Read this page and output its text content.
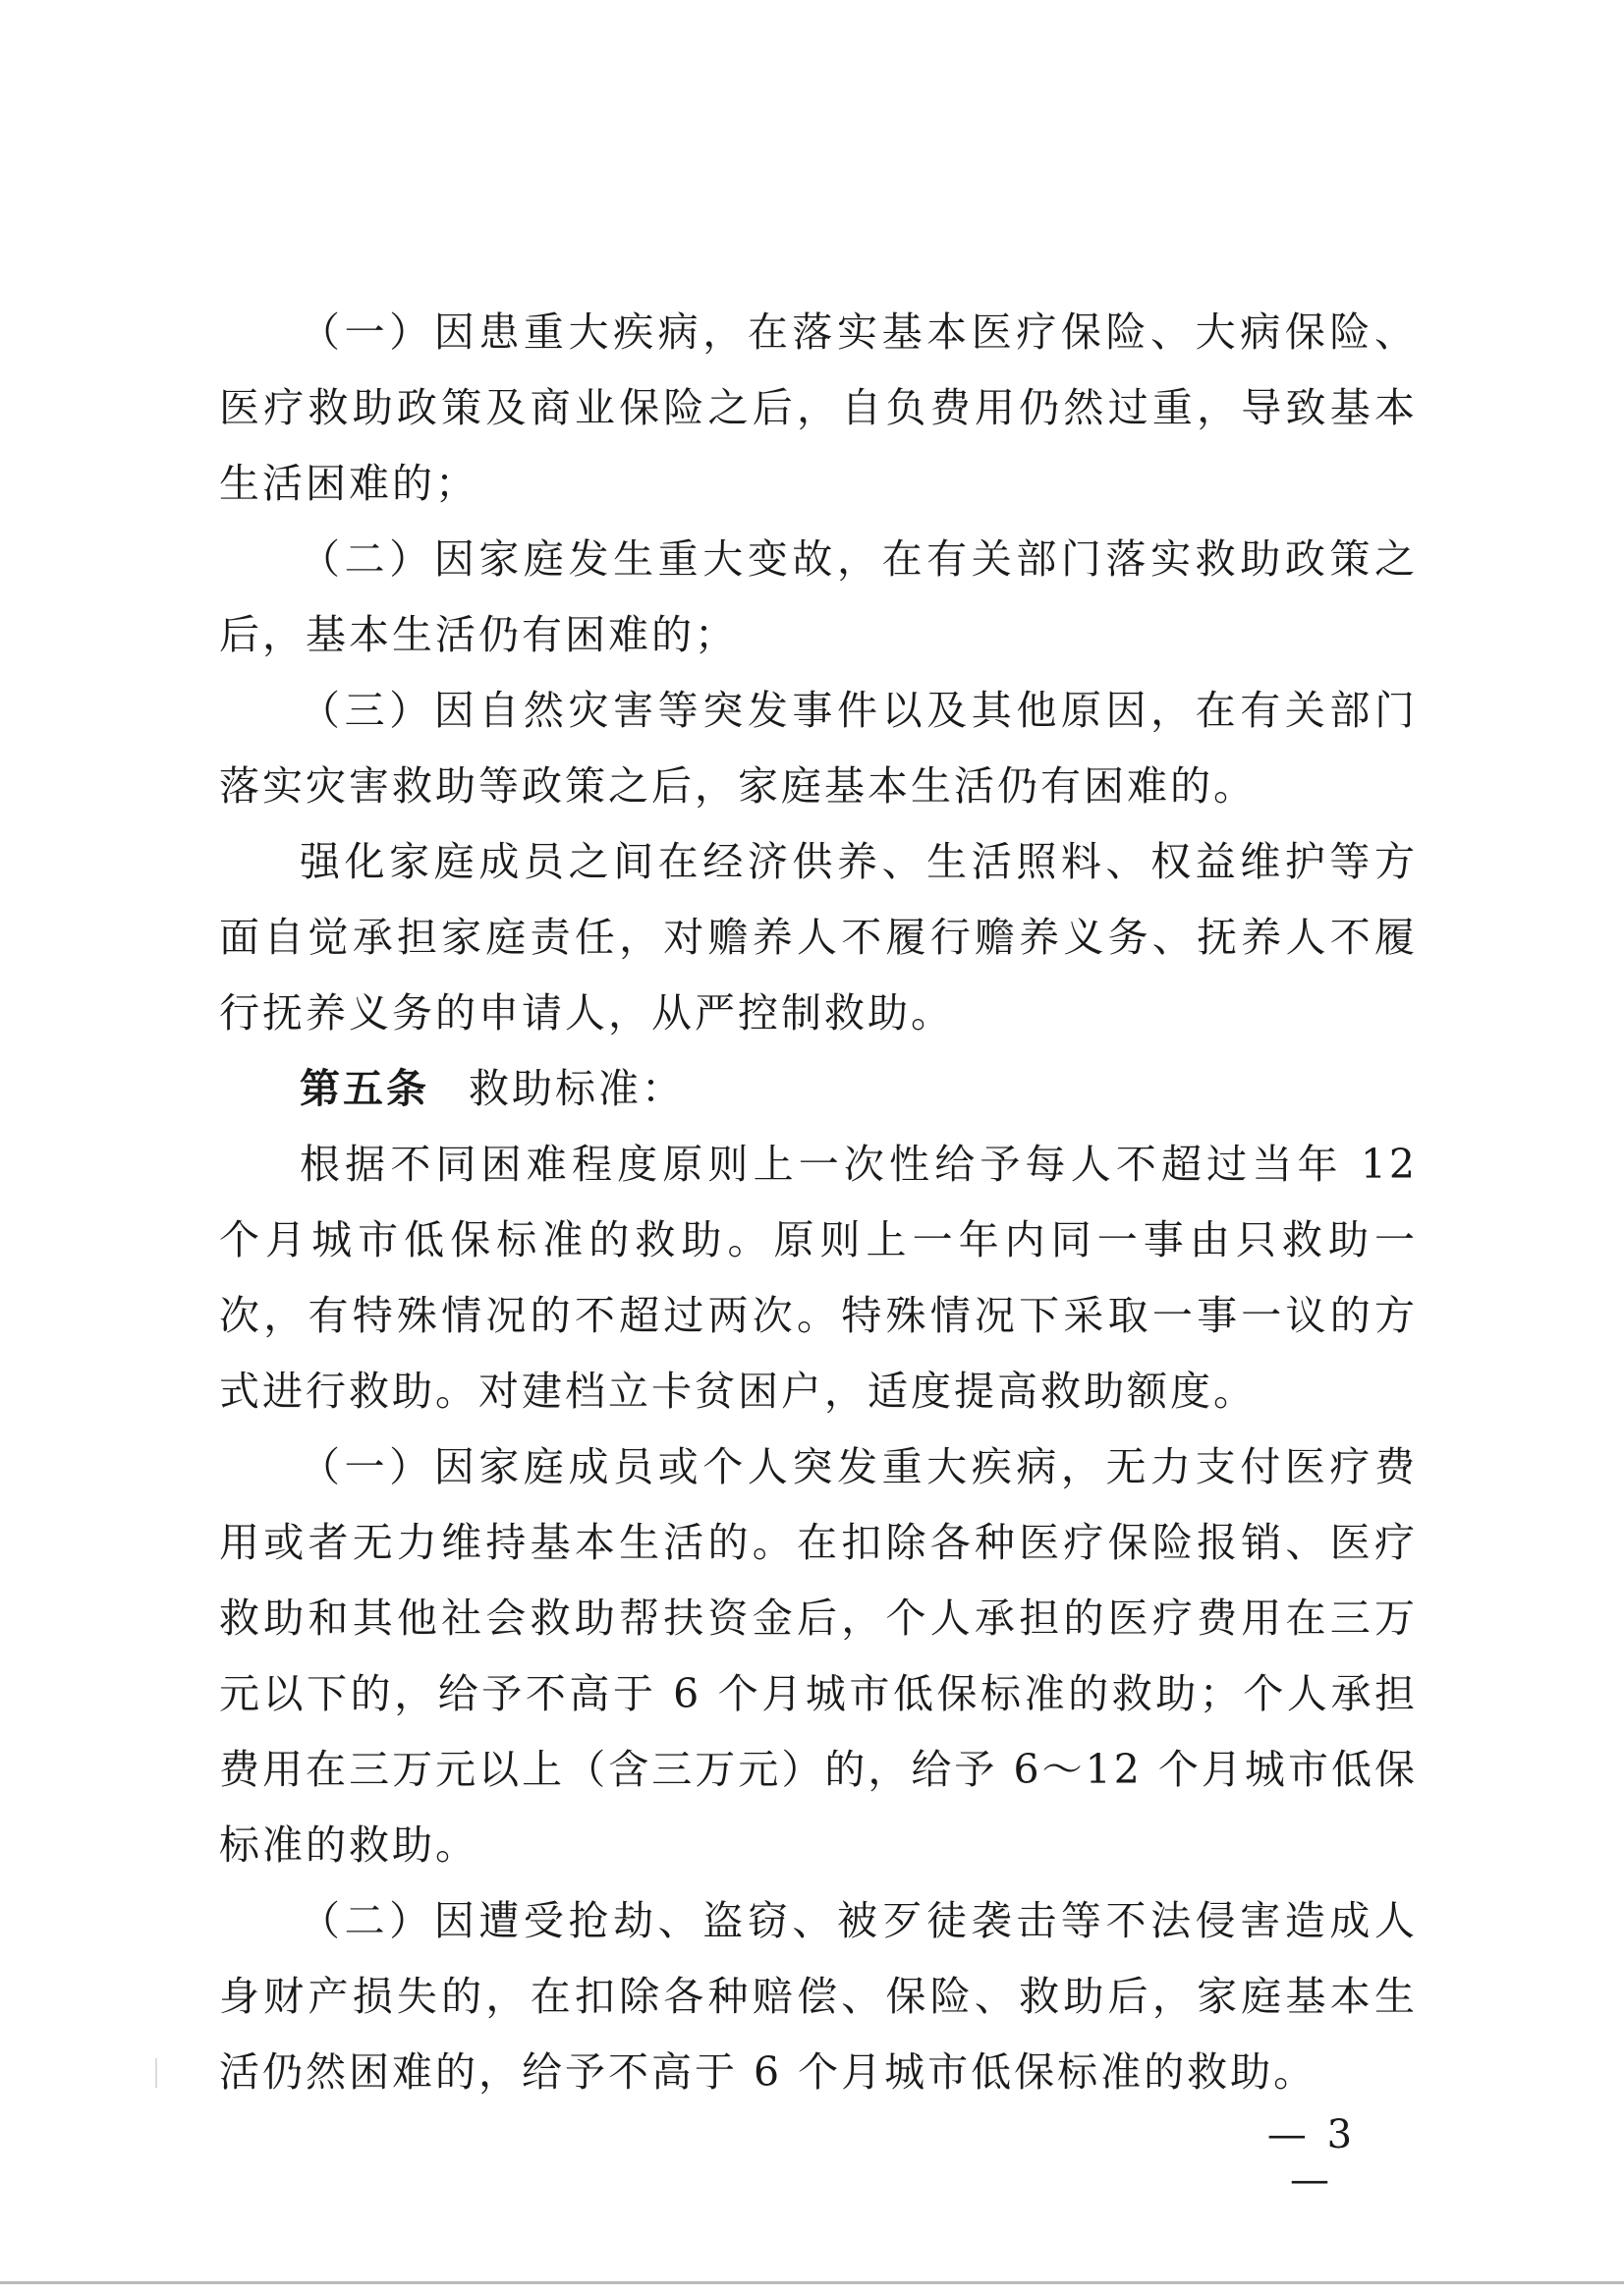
（一）因患重大疾病，在落实基本医疗保险、大病保险、医疗救助政策及商业保险之后，自负费用仍然过重，导致基本生活困难的；

（二）因家庭发生重大变故，在有关部门落实救助政策之后，基本生活仍有困难的；

（三）因自然灾害等突发事件以及其他原因，在有关部门落实灾害救助等政策之后，家庭基本生活仍有困难的。

强化家庭成员之间在经济供养、生活照料、权益维护等方面自觉承担家庭责任，对赡养人不履行赡养义务、抚养人不履行抚养义务的申请人，从严控制救助。

第五条 救助标准：

根据不同困难程度原则上一次性给予每人不超过当年 12 个月城市低保标准的救助。原则上一年内同一事由只救助一次，有特殊情况的不超过两次。特殊情况下采取一事一议的方式进行救助。对建档立卡贫困户，适度提高救助额度。

（一）因家庭成员或个人突发重大疾病，无力支付医疗费用或者无力维持基本生活的。在扣除各种医疗保险报销、医疗救助和其他社会救助帮扶资金后，个人承担的医疗费用在三万元以下的，给予不高于 6 个月城市低保标准的救助；个人承担费用在三万元以上（含三万元）的，给予 6～12 个月城市低保标准的救助。

（二）因遭受抢劫、盗窃、被歹徒袭击等不法侵害造成人身财产损失的，在扣除各种赔偿、保险、救助后，家庭基本生活仍然困难的，给予不高于 6 个月城市低保标准的救助。

— 3 —
